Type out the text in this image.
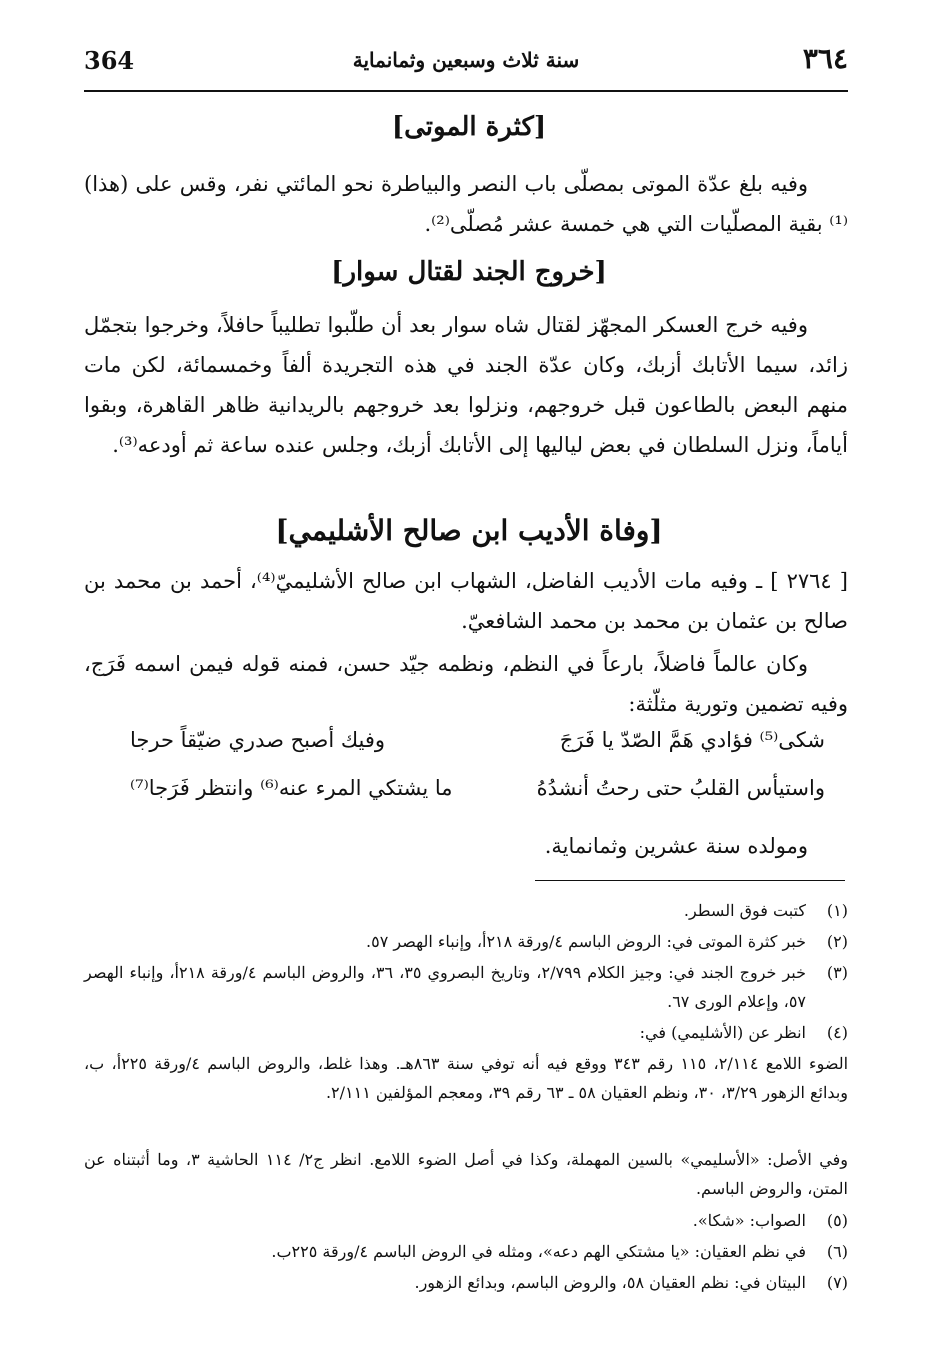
364	سنة ثلاث وسبعين وثمانماية	٣٦٤
[كثرة الموتى]
وفيه بلغ عدّة الموتى بمصلّى باب النصر والبياطرة نحو المائتي نفر، وقس على (هذا)⁽¹⁾ بقية المصلّيات التي هي خمسة عشر مُصلّى⁽²⁾.
[خروج الجند لقتال سوار]
وفيه خرج العسكر المجهّز لقتال شاه سوار بعد أن طلّبوا تطليباً حافلاً، وخرجوا بتجمّل زائد، سيما الأتابك أزبك، وكان عدّة الجند في هذه التجريدة ألفاً وخمسمائة، لكن مات منهم البعض بالطاعون قبل خروجهم، ونزلوا بعد خروجهم بالريدانية ظاهر القاهرة، وبقوا أياماً، ونزل السلطان في بعض لياليها إلى الأتابك أزبك، وجلس عنده ساعة ثم أودعه⁽³⁾.
[وفاة الأديب ابن صالح الأشليمي]
[ ٢٧٦٤ ] ـ وفيه مات الأديب الفاضل، الشهاب ابن صالح الأشليميّ⁽⁴⁾، أحمد بن محمد بن صالح بن عثمان بن محمد بن محمد الشافعيّ.
وكان عالماً فاضلاً، بارعاً في النظم، ونظمه جيّد حسن، فمنه قوله فيمن اسمه فَرَج، وفيه تضمين وتورية مثلّثة:
شكى⁽⁵⁾ فؤادي هَمَّ الصّدّ يا فَرَجَ
وفيك أصبح صدري ضيّقاً حرجا
واستيأس القلبُ حتى رحتُ أنشدُهُ
ما يشتكي المرء عنه⁽⁶⁾ وانتظر فَرَجا⁽⁷⁾
ومولده سنة عشرين وثمانماية.
(١)
كتبت فوق السطر.
(٢)
خبر كثرة الموتى في: الروض الباسم ٤/ورقة ٢١٨أ، وإنباء الهصر ٥٧.
(٣)
خبر خروج الجند في: وجيز الكلام ٢/٧٩٩، وتاريخ البصروي ٣٥، ٣٦، والروض الباسم ٤/ورقة ٢١٨أ، وإنباء الهصر ٥٧، وإعلام الورى ٦٧.
(٤)
انظر عن (الأشليمي) في:
الضوء اللامع ٢/١١٤، ١١٥ رقم ٣٤٣ ووقع فيه أنه توفي سنة ٨٦٣هـ. وهذا غلط، والروض الباسم ٤/ورقة ٢٢٥أ، ب، وبدائع الزهور ٣/٢٩، ٣٠، ونظم العقيان ٥٨ ـ ٦٣ رقم ٣٩، ومعجم المؤلفين ٢/١١١.
وفي الأصل: «الأسليمي» بالسين المهملة، وكذا في أصل الضوء اللامع. انظر ج٢/ ١١٤ الحاشية ٣، وما أثبتناه عن المتن، والروض الباسم.
(٥)
الصواب: «شكا».
(٦)
في نظم العقيان: «يا مشتكي الهم دعه»، ومثله في الروض الباسم ٤/ورقة ٢٢٥ب.
(٧)
البيتان في: نظم العقيان ٥٨، والروض الباسم، وبدائع الزهور.
